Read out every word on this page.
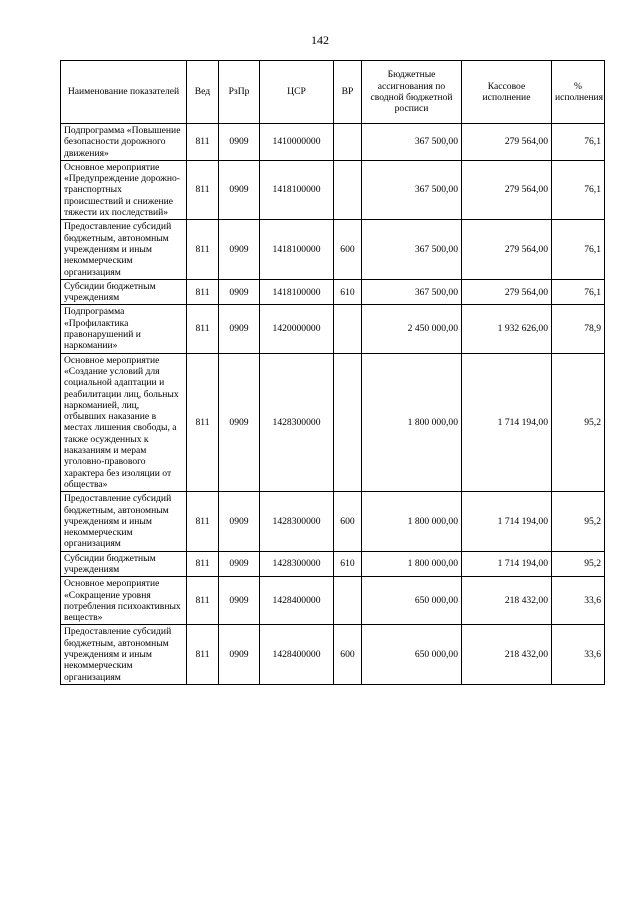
142
Наименование показателей	Вед	РзПр	ЦСР	ВР	Бюджетные ассигнования по сводной бюджетной росписи	Кассовое исполнение	% исполнения
Подпрограмма «Повышение безопасности дорожного движения»	811	0909	1410000000		367 500,00	279 564,00	76,1
Основное мероприятие «Предупреждение дорожно-транспортных происшествий и снижение тяжести их последствий»	811	0909	1418100000		367 500,00	279 564,00	76,1
Предоставление субсидий бюджетным, автономным учреждениям и иным некоммерческим организациям	811	0909	1418100000	600	367 500,00	279 564,00	76,1
Субсидии бюджетным учреждениям	811	0909	1418100000	610	367 500,00	279 564,00	76,1
Подпрограмма «Профилактика правонарушений и наркомании»	811	0909	1420000000		2 450 000,00	1 932 626,00	78,9
Основное мероприятие «Создание условий для социальной адаптации и реабилитации лиц, больных наркоманией, лиц, отбывших наказание в местах лишения свободы, а также осужденных к наказаниям и мерам уголовно-правового характера без изоляции от общества»	811	0909	1428300000		1 800 000,00	1 714 194,00	95,2
Предоставление субсидий бюджетным, автономным учреждениям и иным некоммерческим организациям	811	0909	1428300000	600	1 800 000,00	1 714 194,00	95,2
Субсидии бюджетным учреждениям	811	0909	1428300000	610	1 800 000,00	1 714 194,00	95,2
Основное мероприятие «Сокращение уровня потребления психоактивных веществ»	811	0909	1428400000		650 000,00	218 432,00	33,6
Предоставление субсидий бюджетным, автономным учреждениям и иным некоммерческим организациям	811	0909	1428400000	600	650 000,00	218 432,00	33,6
